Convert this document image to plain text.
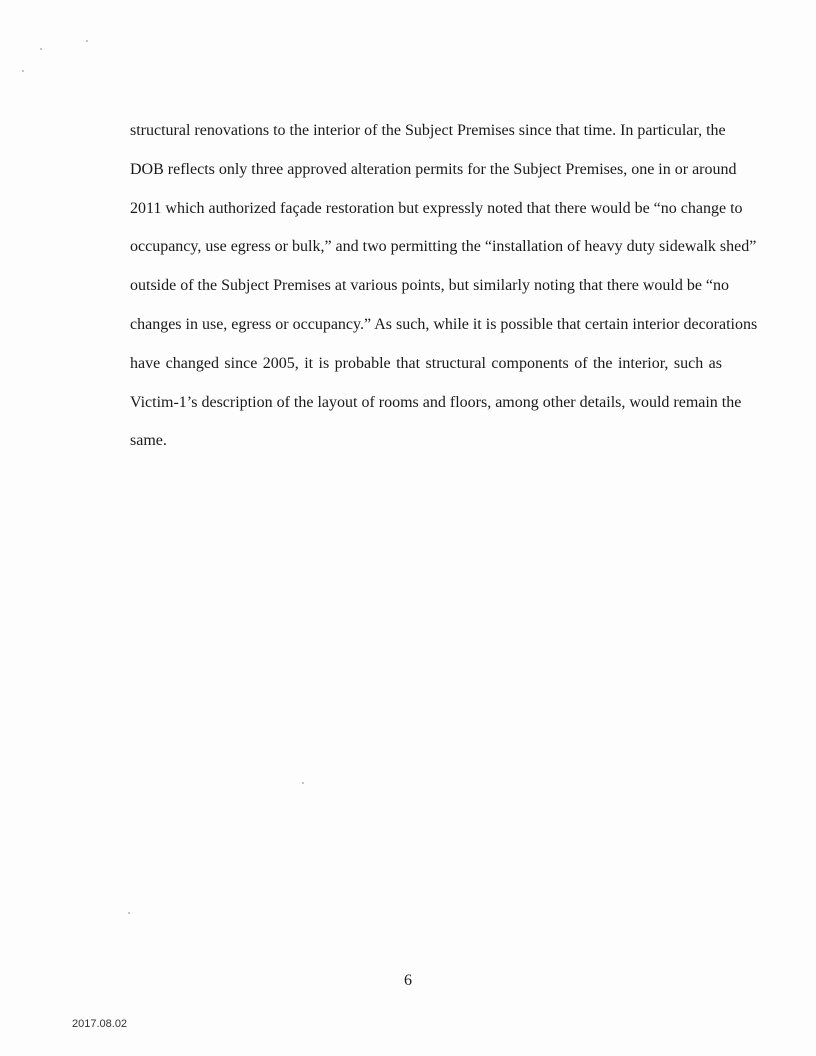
structural renovations to the interior of the Subject Premises since that time. In particular, the
DOB reflects only three approved alteration permits for the Subject Premises, one in or around
2011 which authorized façade restoration but expressly noted that there would be “no change to
occupancy, use egress or bulk,” and two permitting the “installation of heavy duty sidewalk shed”
outside of the Subject Premises at various points, but similarly noting that there would be “no
changes in use, egress or occupancy.” As such, while it is possible that certain interior decorations
have changed since 2005, it is probable that structural components of the interior, such as
Victim-1’s description of the layout of rooms and floors, among other details, would remain the
same.
6
2017.08.02
